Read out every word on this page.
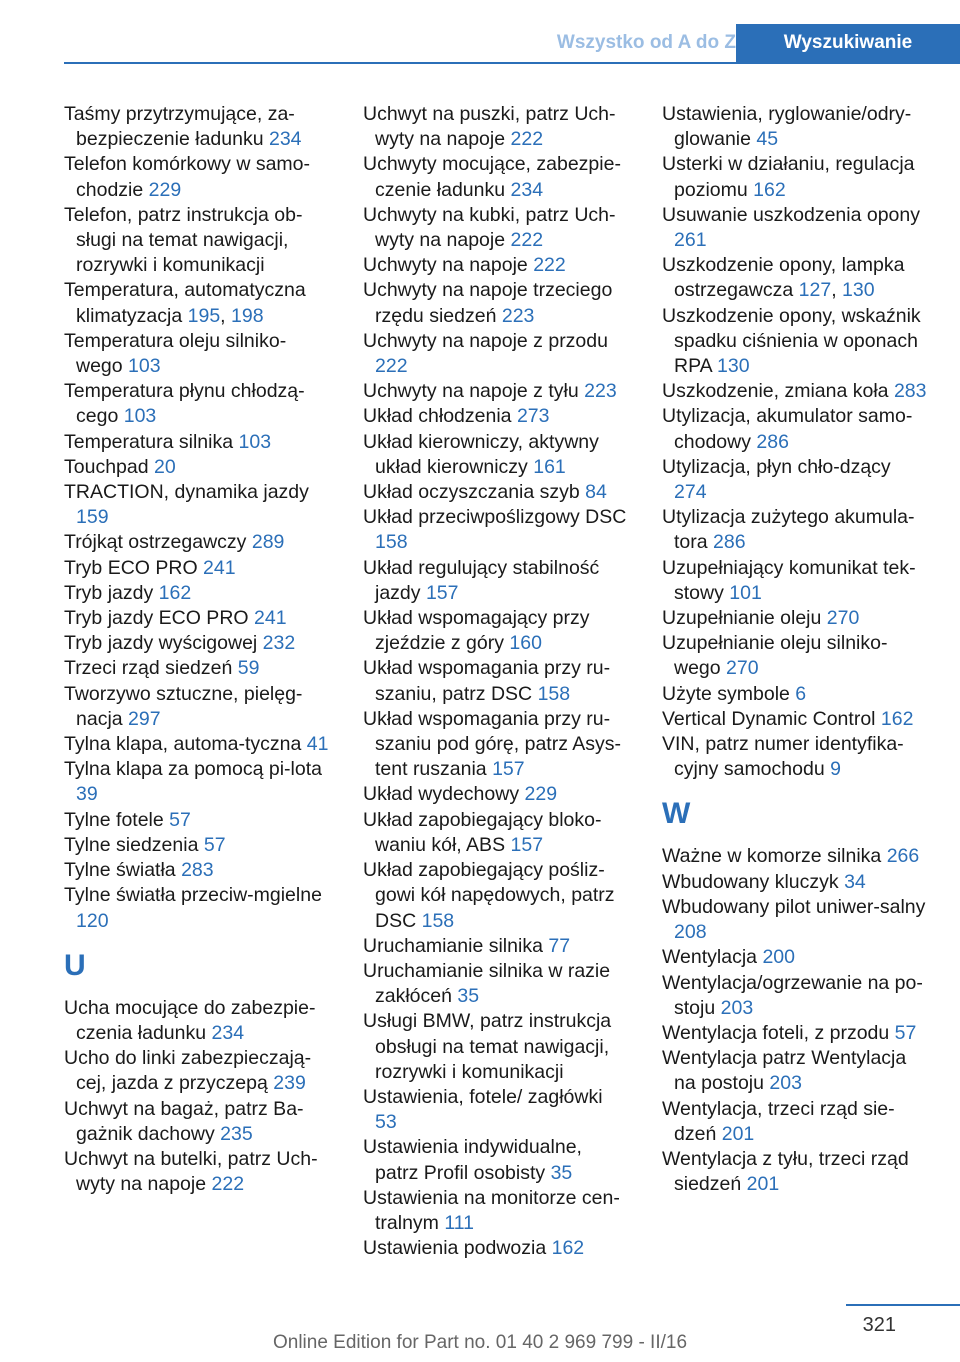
Wszystko od A do Z	Wyszukiwanie
Taśmy przytrzymujące, za-bezpieczenie ładunku 234
Telefon komórkowy w samo-chodzie 229
Telefon, patrz instrukcja ob-sługi na temat nawigacji, rozrywki i komunikacji
Temperatura, automatyczna klimatyzacja 195, 198
Temperatura oleju silniko-wego 103
Temperatura płynu chłodzą-cego 103
Temperatura silnika 103
Touchpad 20
TRACTION, dynamika jazdy 159
Trójkąt ostrzegawczy 289
Tryb ECO PRO 241
Tryb jazdy 162
Tryb jazdy ECO PRO 241
Tryb jazdy wyścigowej 232
Trzeci rząd siedzeń 59
Tworzywo sztuczne, pielęg-nacja 297
Tylna klapa, automa-tyczna 41
Tylna klapa za pomocą pi-lota 39
Tylne fotele 57
Tylne siedzenia 57
Tylne światła 283
Tylne światła przeciw-mgielne 120
U
Ucha mocujące do zabezpie-czenia ładunku 234
Ucho do linki zabezpieczają-cej, jazda z przyczepą 239
Uchwyt na bagaż, patrz Ba-gażnik dachowy 235
Uchwyt na butelki, patrz Uch-wyty na napoje 222
Uchwyt na puszki, patrz Uch-wyty na napoje 222
Uchwyty mocujące, zabezpie-czenie ładunku 234
Uchwyty na kubki, patrz Uch-wyty na napoje 222
Uchwyty na napoje 222
Uchwyty na napoje trzeciego rzędu siedzeń 223
Uchwyty na napoje z przodu 222
Uchwyty na napoje z tyłu 223
Układ chłodzenia 273
Układ kierowniczy, aktywny układ kierowniczy 161
Układ oczyszczania szyb 84
Układ przeciwpoślizgowy DSC 158
Układ regulujący stabilność jazdy 157
Układ wspomagający przy zjeździe z góry 160
Układ wspomagania przy ru-szaniu, patrz DSC 158
Układ wspomagania przy ru-szaniu pod górę, patrz Asys-tent ruszania 157
Układ wydechowy 229
Układ zapobiegający bloko-waniu kół, ABS 157
Układ zapobiegający pośliz-gowi kół napędowych, patrz DSC 158
Uruchamianie silnika 77
Uruchamianie silnika w razie zakłóceń 35
Usługi BMW, patrz instrukcja obsługi na temat nawigacji, rozrywki i komunikacji
Ustawienia, fotele/ zagłówki 53
Ustawienia indywidualne, patrz Profil osobisty 35
Ustawienia na monitorze cen-tralnym 111
Ustawienia podwozia 162
Ustawienia, ryglowanie/odry-glowanie 45
Usterki w działaniu, regulacja poziomu 162
Usuwanie uszkodzenia opony 261
Uszkodzenie opony, lampka ostrzegawcza 127, 130
Uszkodzenie opony, wskaźnik spadku ciśnienia w oponach RPA 130
Uszkodzenie, zmiana koła 283
Utylizacja, akumulator samo-chodowy 286
Utylizacja, płyn chło-dzący 274
Utylizacja zużytego akumula-tora 286
Uzupełniający komunikat tek-stowy 101
Uzupełnianie oleju 270
Uzupełnianie oleju silniko-wego 270
Użyte symbole 6
Vertical Dynamic Control 162
VIN, patrz numer identyfika-cyjny samochodu 9
W
Ważne w komorze silnika 266
Wbudowany kluczyk 34
Wbudowany pilot uniwer-salny 208
Wentylacja 200
Wentylacja/ogrzewanie na po-stoju 203
Wentylacja foteli, z przodu 57
Wentylacja patrz Wentylacja na postoju 203
Wentylacja, trzeci rząd sie-dzeń 201
Wentylacja z tyłu, trzeci rząd siedzeń 201
321
Online Edition for Part no. 01 40 2 969 799 - II/16
